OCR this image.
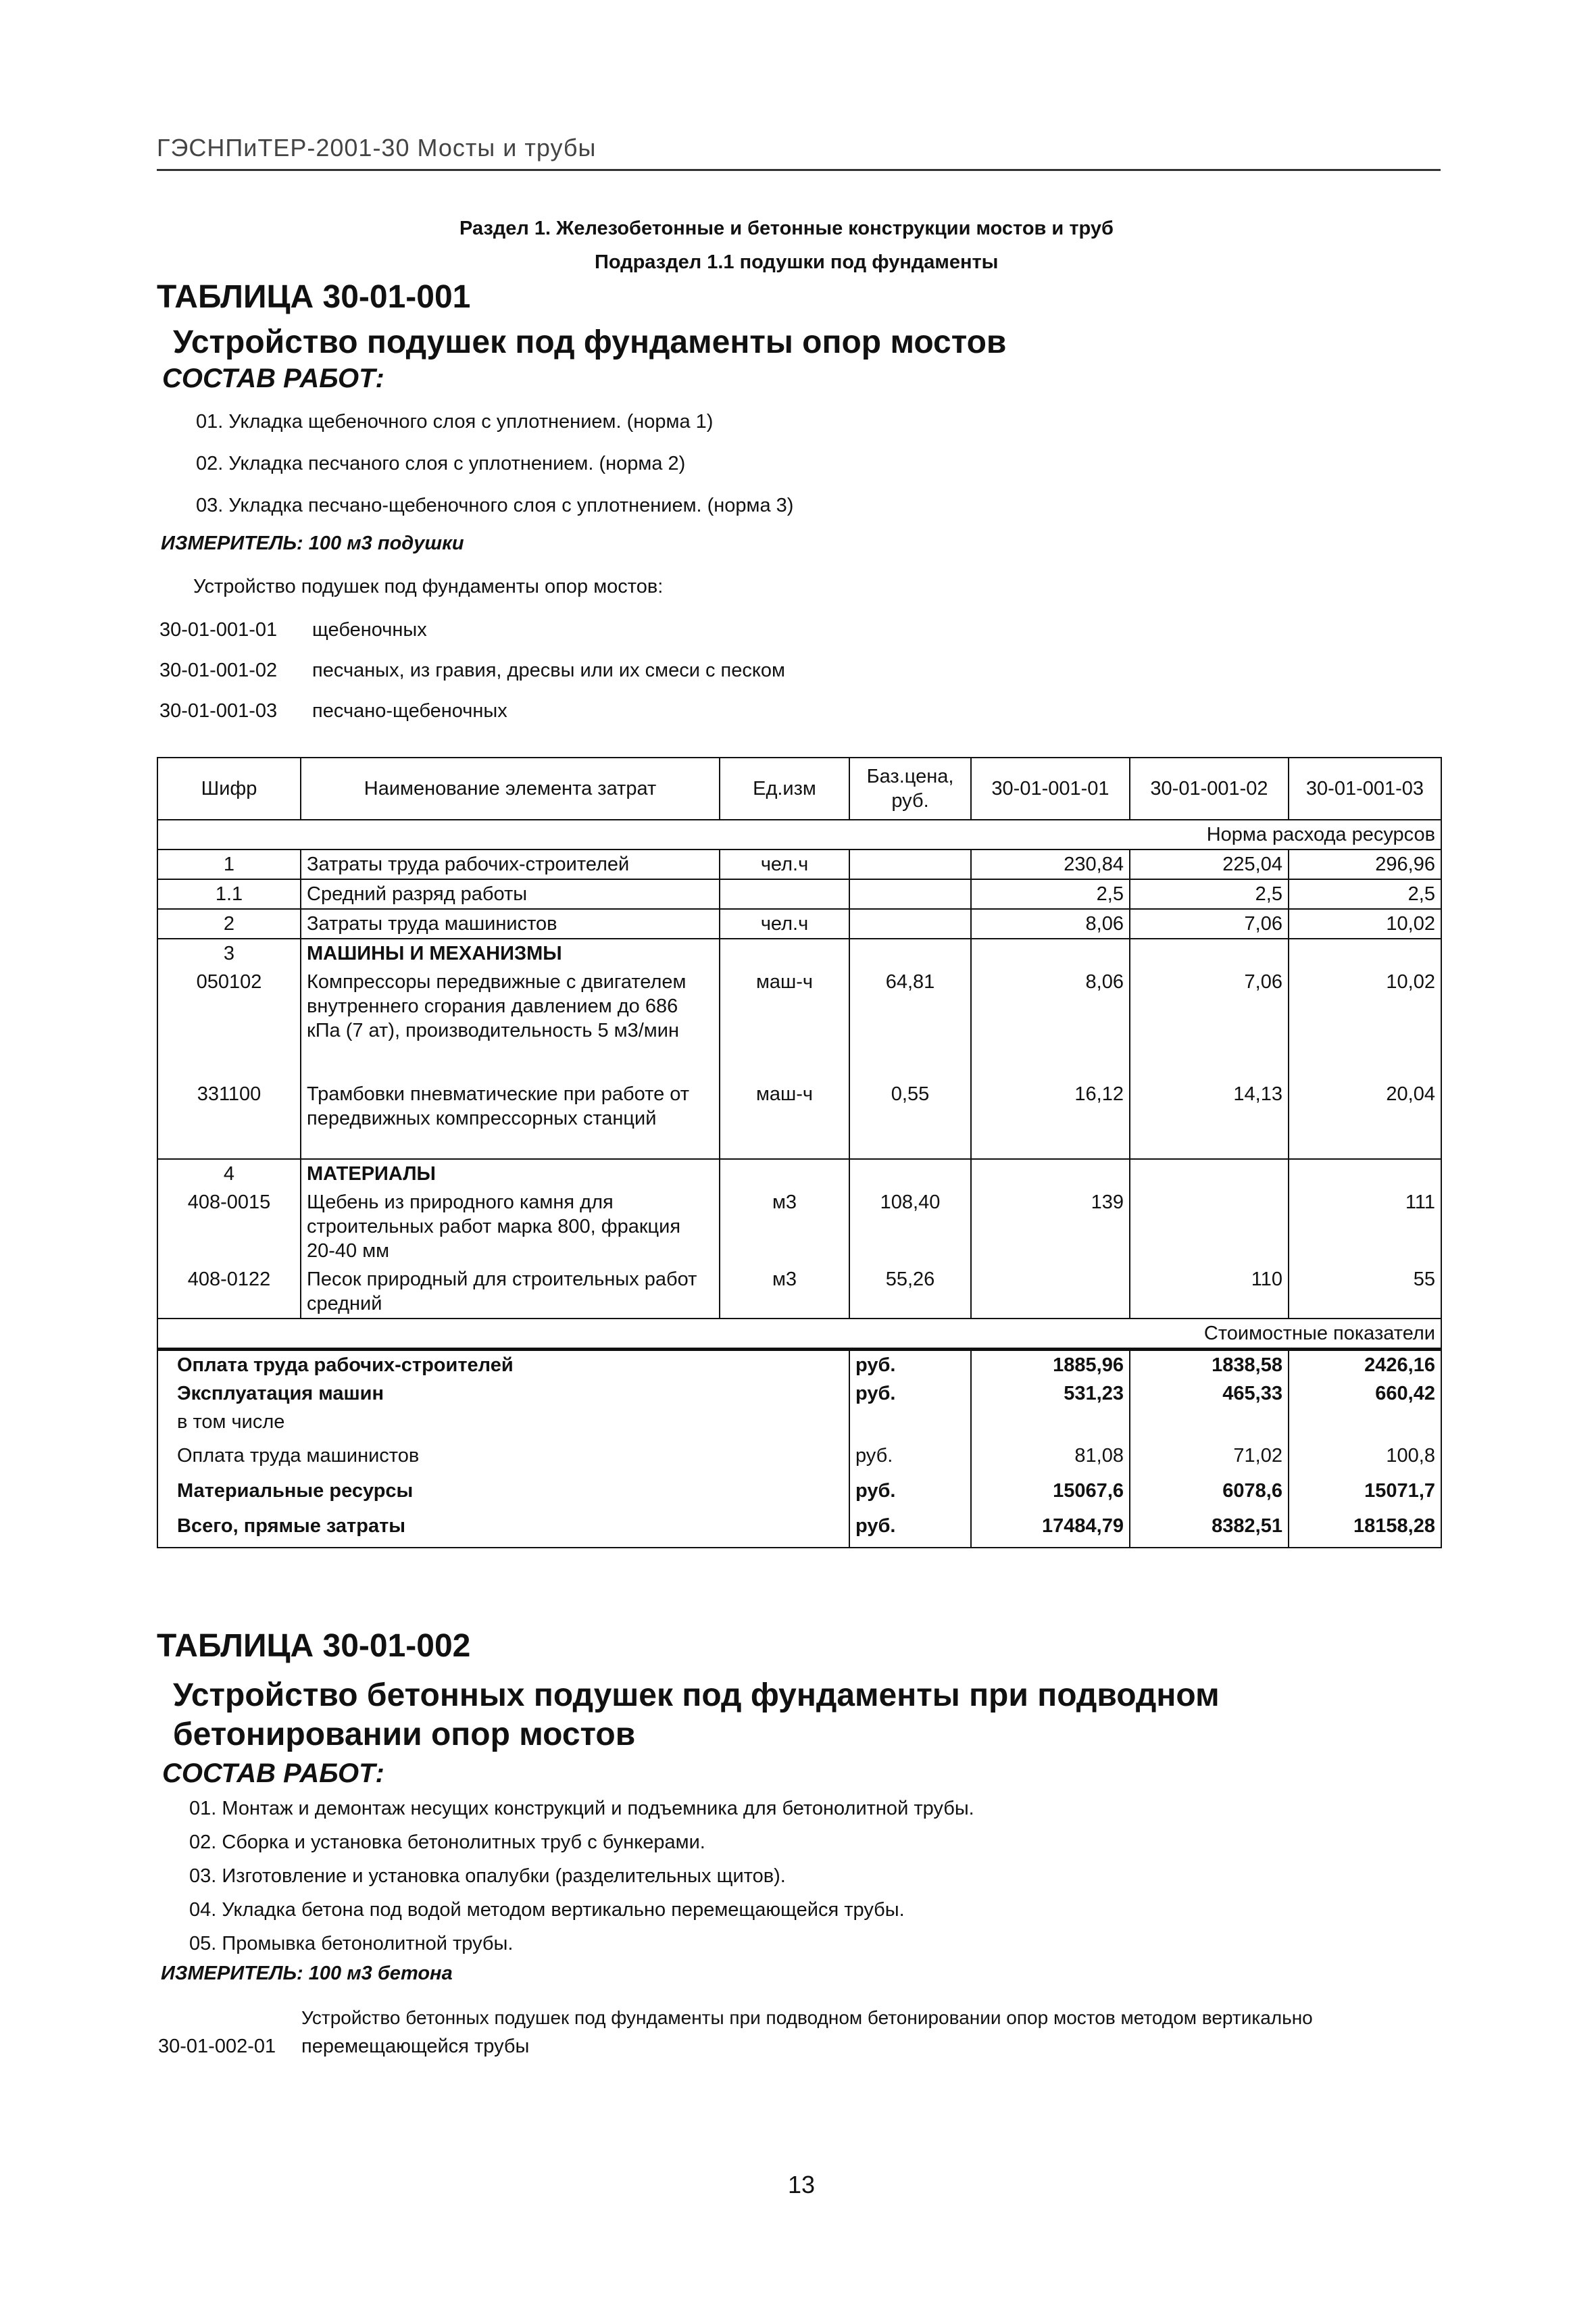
ГЭСНПиТЕР-2001-30 Мосты и трубы
Раздел 1. Железобетонные и бетонные конструкции мостов и труб
Подраздел 1.1 подушки под фундаменты
ТАБЛИЦА 30-01-001
Устройство подушек под фундаменты опор мостов
СОСТАВ РАБОТ:
01. Укладка щебеночного слоя с уплотнением. (норма 1)
02. Укладка песчаного слоя с уплотнением. (норма 2)
03. Укладка песчано-щебеночного слоя с уплотнением. (норма 3)
ИЗМЕРИТЕЛЬ: 100 м3 подушки
Устройство подушек под фундаменты опор мостов:
30-01-001-01 щебеночных
30-01-001-02 песчаных, из гравия, дресвы или их смеси с песком
30-01-001-03 песчано-щебеночных
Шифр	Наименование элемента затрат	Ед.изм	Баз.цена, руб.	30-01-001-01	30-01-001-02	30-01-001-03
Норма расхода ресурсов						
1	Затраты труда рабочих-строителей	чел.ч		230,84	225,04	296,96
1.1	Средний разряд работы			2,5	2,5	2,5
2	Затраты труда машинистов	чел.ч		8,06	7,06	10,02
3	МАШИНЫ И МЕХАНИЗМЫ					
050102	Компрессоры передвижные с двигателем внутреннего сгорания давлением до 686 кПа (7 ат), производительность 5 м3/мин	маш-ч	64,81	8,06	7,06	10,02
331100	Трамбовки пневматические при работе от передвижных компрессорных станций	маш-ч	0,55	16,12	14,13	20,04
4	МАТЕРИАЛЫ					
408-0015	Щебень из природного камня для строительных работ марка 800, фракция 20-40 мм	м3	108,40	139		111
408-0122	Песок природный для строительных работ средний	м3	55,26		110	55
Стоимостные показатели						
Оплата труда рабочих-строителей			руб.	1885,96	1838,58	2426,16
Эксплуатация машин			руб.	531,23	465,33	660,42
в том числе						
Оплата труда машинистов			руб.	81,08	71,02	100,8
Материальные ресурсы			руб.	15067,6	6078,6	15071,7
Всего, прямые затраты			руб.	17484,79	8382,51	18158,28
ТАБЛИЦА 30-01-002
Устройство бетонных подушек под фундаменты при подводном
бетонировании опор мостов
СОСТАВ РАБОТ:
01. Монтаж и демонтаж несущих конструкций и подъемника для бетонолитной трубы.
02. Сборка и установка бетонолитных труб с бункерами.
03. Изготовление и установка опалубки (разделительных щитов).
04. Укладка бетона под водой методом вертикально перемещающейся трубы.
05. Промывка бетонолитной трубы.
ИЗМЕРИТЕЛЬ: 100 м3 бетона
Устройство бетонных подушек под фундаменты при подводном бетонировании опор мостов методом вертикально
30-01-002-01 перемещающейся трубы
13
